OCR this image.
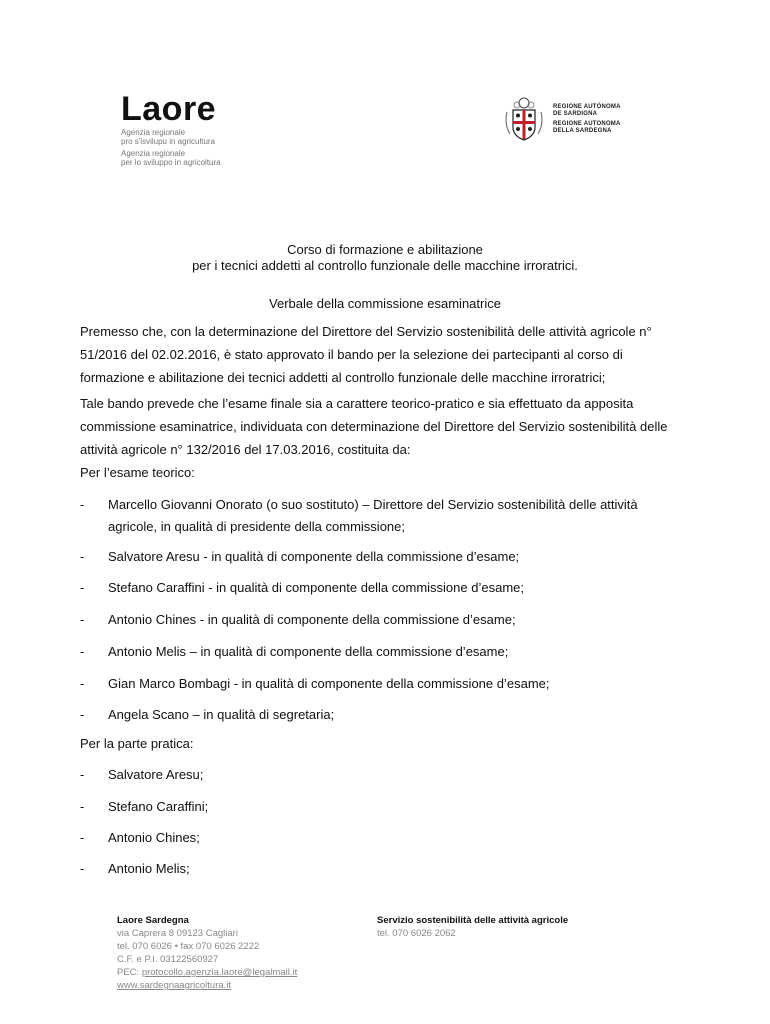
Laore
Agenzia regionale
pro s'isvilupu in agricultura
Agenzia regionale
per lo sviluppo in agricoltura
REGIONE AUTÒNOMA
DE SARDIGNA
REGIONE AUTONOMA
DELLA SARDEGNA
Corso di formazione e abilitazione
per i tecnici addetti al controllo funzionale delle macchine irroratrici.
Verbale della commissione esaminatrice
Premesso che, con la determinazione del Direttore del Servizio sostenibilità delle attività agricole n° 51/2016 del 02.02.2016, è stato approvato il bando per la selezione dei partecipanti al corso di formazione e abilitazione dei tecnici addetti al controllo funzionale delle macchine irroratrici;
Tale bando prevede che l’esame finale sia a carattere teorico-pratico e sia effettuato da apposita commissione esaminatrice, individuata con determinazione del Direttore del Servizio sostenibilità delle attività agricole n° 132/2016 del 17.03.2016, costituita da:
Per l’esame teorico:
- Marcello Giovanni Onorato (o suo sostituto) – Direttore del Servizio sostenibilità delle attività agricole, in qualità di presidente della commissione;
- Salvatore Aresu - in qualità di componente della commissione d’esame;
- Stefano Caraffini - in qualità di componente della commissione d’esame;
- Antonio Chines - in qualità di componente della commissione d’esame;
- Antonio Melis – in qualità di componente della commissione d’esame;
- Gian Marco Bombagi - in qualità di componente della commissione d’esame;
- Angela Scano – in qualità di segretaria;
Per la parte pratica:
- Salvatore Aresu;
- Stefano Caraffini;
- Antonio Chines;
- Antonio Melis;
Laore Sardegna
via Caprera 8 09123 Cagliari
tel. 070 6026 • fax 070 6026 2222
C.F. e P.I. 03122560927
PEC: protocollo.agenzia.laore@legalmail.it
www.sardegnaagricoltura.it
Servizio sostenibilità delle attività agricole
tel. 070 6026 2062
